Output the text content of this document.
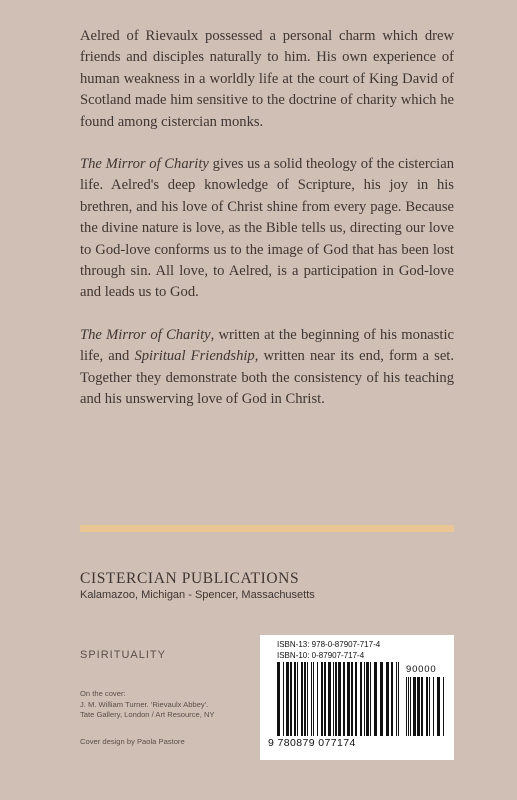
Aelred of Rievaulx possessed a personal charm which drew friends and disciples naturally to him. His own experience of human weakness in a worldly life at the court of King David of Scotland made him sensitive to the doctrine of charity which he found among cistercian monks.

The Mirror of Charity gives us a solid theology of the cistercian life. Aelred's deep knowledge of Scripture, his joy in his brethren, and his love of Christ shine from every page. Because the divine nature is love, as the Bible tells us, directing our love to God-love conforms us to the image of God that has been lost through sin. All love, to Aelred, is a participation in God-love and leads us to God.

The Mirror of Charity, written at the beginning of his monastic life, and Spiritual Friendship, written near its end, form a set. Together they demonstrate both the consistency of his teaching and his unswerving love of God in Christ.

CISTERCIAN PUBLICATIONS
Kalamazoo, Michigan - Spencer, Massachusetts
SPIRITUALITY
On the cover:
J. M. William Turner. 'Rievaulx Abbey'.
Tate Gallery, London / Art Resource, NY
Cover design by Paola Pastore
ISBN-13: 978-0-87907-717-4
ISBN-10: 0-87907-717-4
90000
9 780879 077174
